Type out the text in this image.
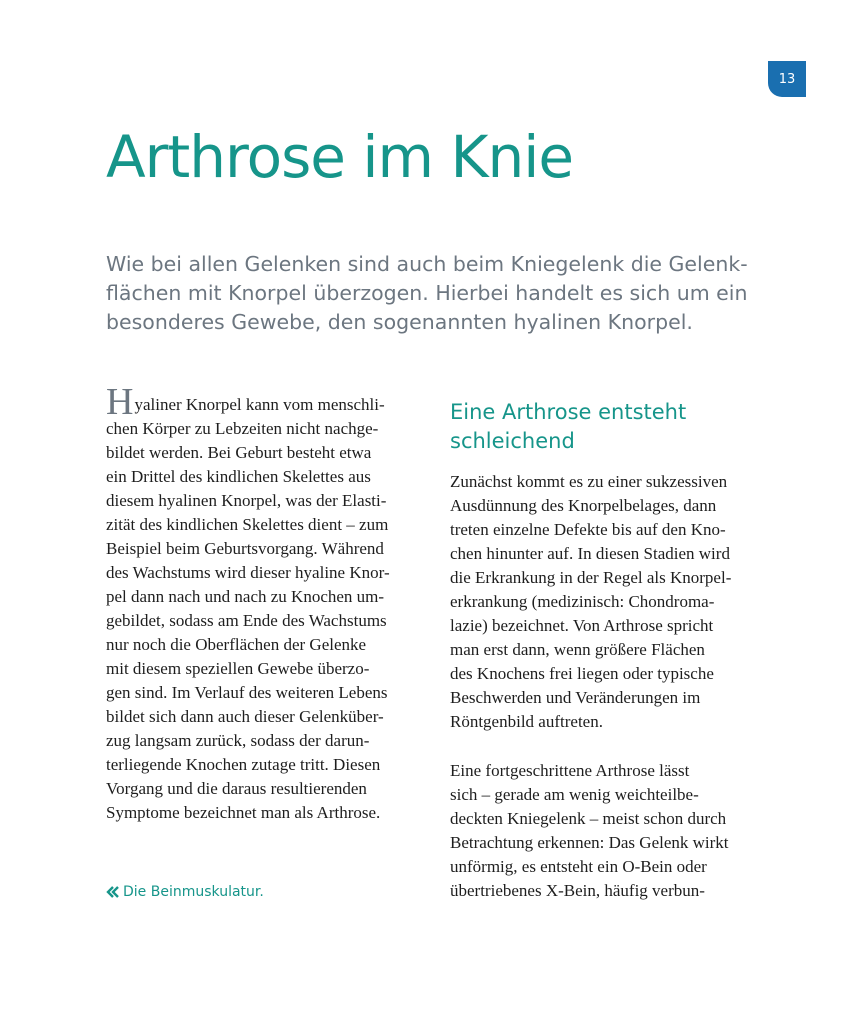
13
Arthrose im Knie

Wie bei allen Gelenken sind auch beim Kniegelenk die Gelenk-
flächen mit Knorpel überzogen. Hierbei handelt es sich um ein
besonderes Gewebe, den sogenannten hyalinen Knorpel.

Hyaliner Knorpel kann vom menschli-
chen Körper zu Lebzeiten nicht nachge-
bildet werden. Bei Geburt besteht etwa
ein Drittel des kindlichen Skelettes aus
diesem hyalinen Knorpel, was der Elasti-
zität des kindlichen Skelettes dient – zum
Beispiel beim Geburtsvorgang. Während
des Wachstums wird dieser hyaline Knor-
pel dann nach und nach zu Knochen um-
gebildet, sodass am Ende des Wachstums
nur noch die Oberflächen der Gelenke
mit diesem speziellen Gewebe überzo-
gen sind. Im Verlauf des weiteren Lebens
bildet sich dann auch dieser Gelenküber-
zug langsam zurück, sodass der darun-
terliegende Knochen zutage tritt. Diesen
Vorgang und die daraus resultierenden
Symptome bezeichnet man als Arthrose.
Die Beinmuskulatur.
Eine Arthrose entsteht
schleichend
Zunächst kommt es zu einer sukzessiven
Ausdünnung des Knorpelbelages, dann
treten einzelne Defekte bis auf den Kno-
chen hinunter auf. In diesen Stadien wird
die Erkrankung in der Regel als Knorpel-
erkrankung (medizinisch: Chondroma-
lazie) bezeichnet. Von Arthrose spricht
man erst dann, wenn größere Flächen
des Knochens frei liegen oder typische
Beschwerden und Veränderungen im
Röntgenbild auftreten.
Eine fortgeschrittene Arthrose lässt
sich – gerade am wenig weichteilbe-
deckten Kniegelenk – meist schon durch
Betrachtung erkennen: Das Gelenk wirkt
unförmig, es entsteht ein O-Bein oder
übertriebenes X-Bein, häufig verbun-
